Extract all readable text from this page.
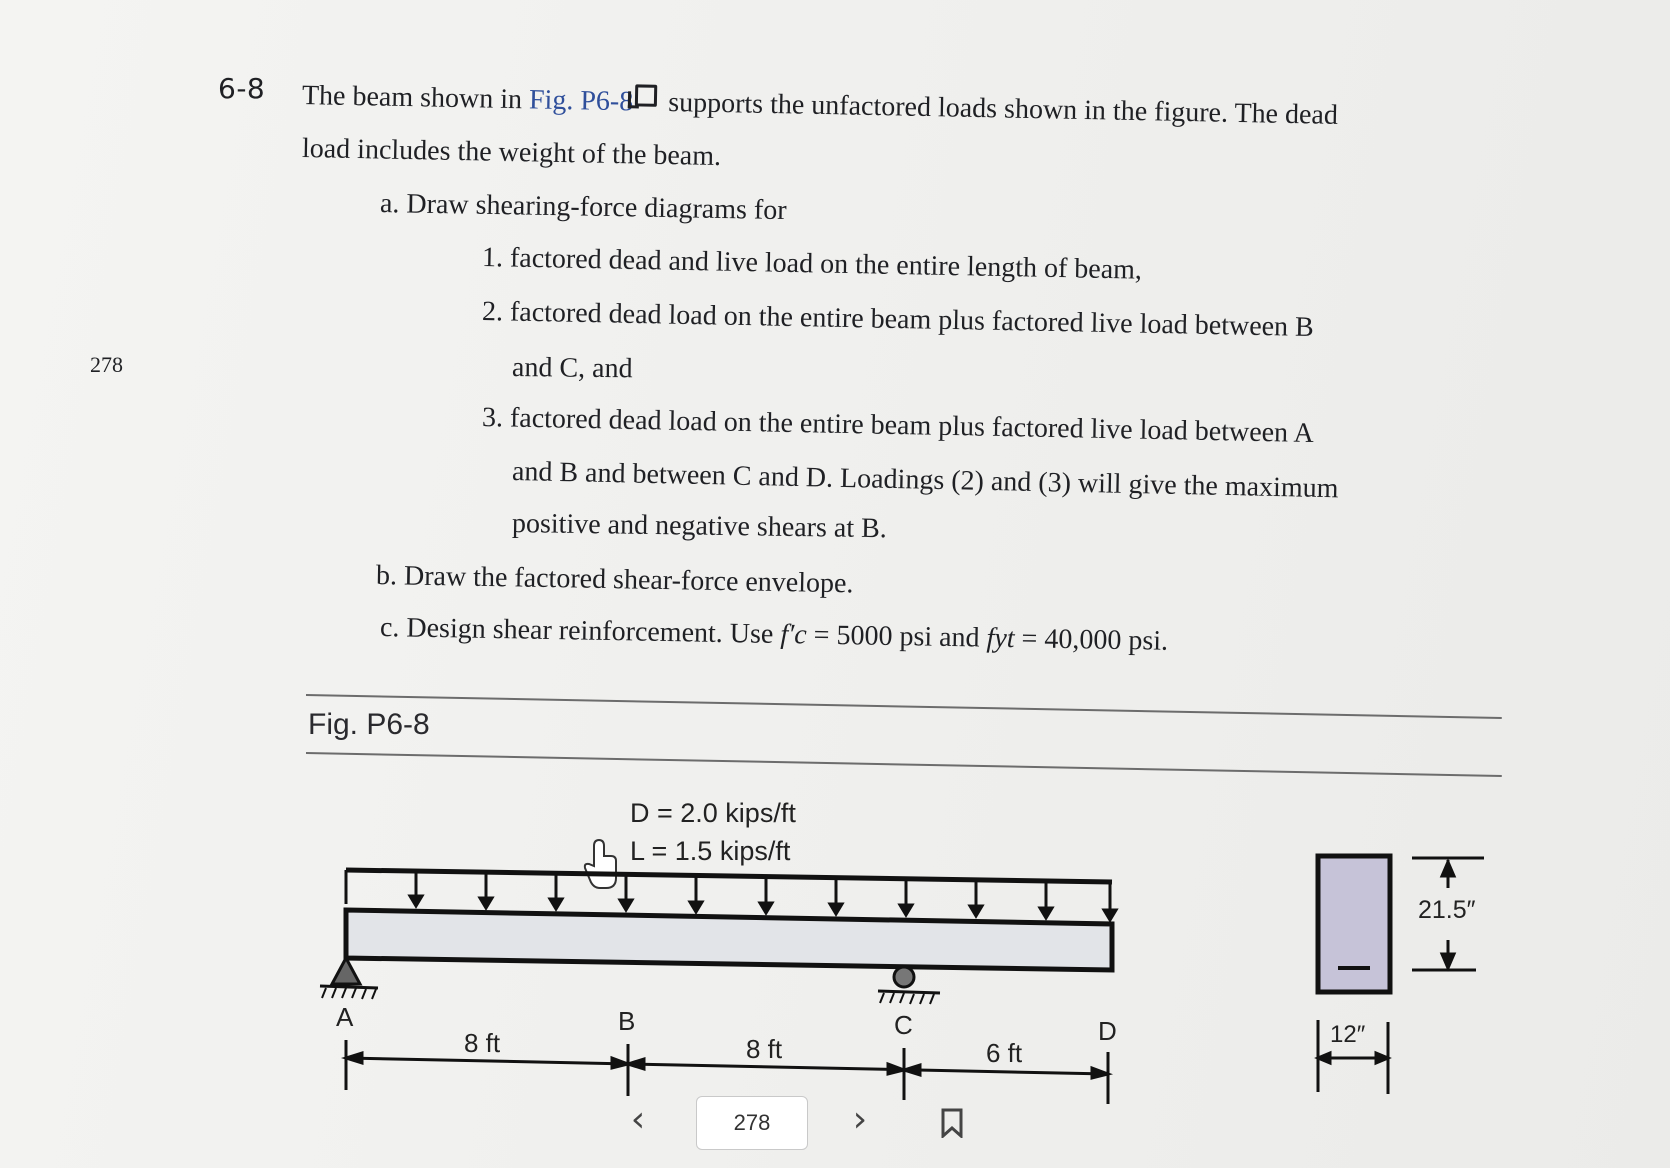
6-8
278
The beam shown in Fig. P6-8 supports the unfactored loads shown in the figure. The dead
load includes the weight of the beam.
a. Draw shearing-force diagrams for
1. factored dead and live load on the entire length of beam,
2. factored dead load on the entire beam plus factored live load between B
and C, and
3. factored dead load on the entire beam plus factored live load between A
and B and between C and D. Loadings (2) and (3) will give the maximum
positive and negative shears at B.
b. Draw the factored shear-force envelope.
c. Design shear reinforcement. Use f′c = 5000 psi and fyt = 40,000 psi.
Fig. P6-8
D = 2.0 kips/ft
L = 1.5 kips/ft
A	B	C	D
8 ft	8 ft	6 ft
21.5″
12″
‹	278	›
